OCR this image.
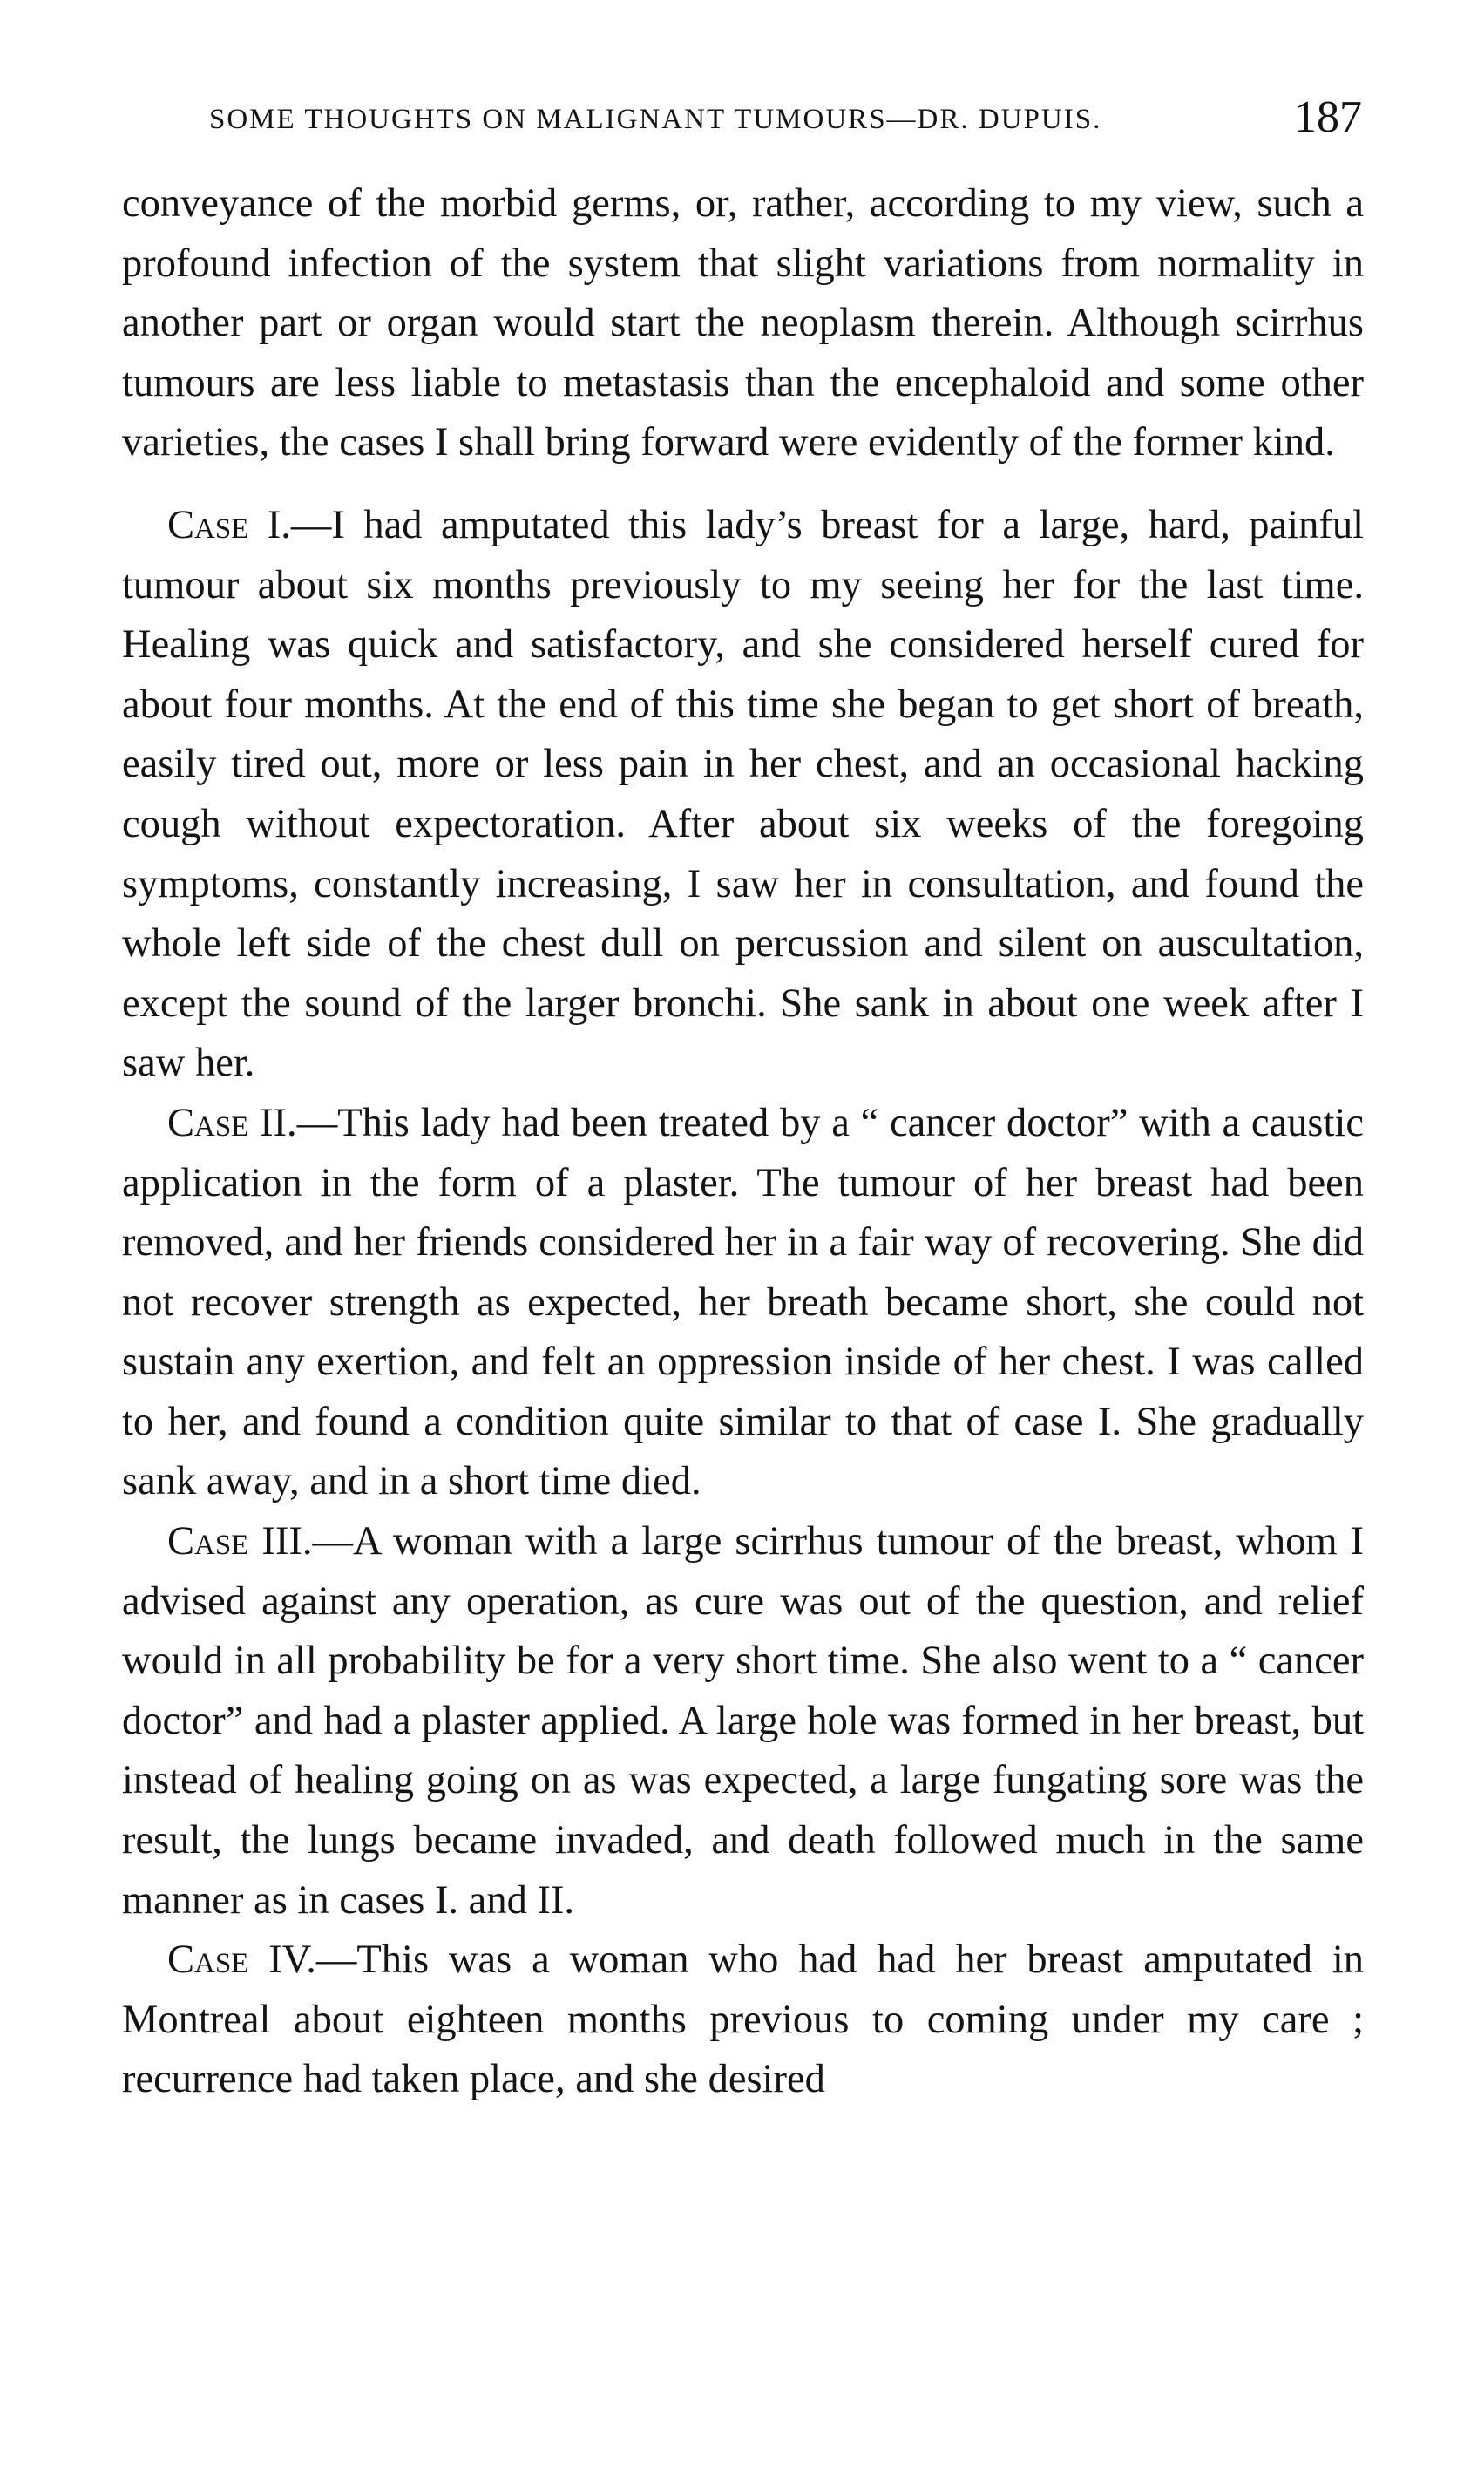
SOME THOUGHTS ON MALIGNANT TUMOURS—DR. DUPUIS.	187

conveyance of the morbid germs, or, rather, according to my view, such a profound infection of the system that slight variations from normality in another part or organ would start the neoplasm therein. Although scirrhus tumours are less liable to metastasis than the encephaloid and some other varieties, the cases I shall bring forward were evidently of the former kind.

Case I.—I had amputated this lady’s breast for a large, hard, painful tumour about six months previously to my seeing her for the last time. Healing was quick and satisfactory, and she considered herself cured for about four months. At the end of this time she began to get short of breath, easily tired out, more or less pain in her chest, and an occasional hacking cough without expectoration. After about six weeks of the foregoing symptoms, constantly increasing, I saw her in consultation, and found the whole left side of the chest dull on percussion and silent on auscultation, except the sound of the larger bronchi. She sank in about one week after I saw her.

Case II.—This lady had been treated by a “ cancer doctor” with a caustic application in the form of a plaster. The tumour of her breast had been removed, and her friends considered her in a fair way of recovering. She did not recover strength as expected, her breath became short, she could not sustain any exertion, and felt an oppression inside of her chest. I was called to her, and found a condition quite similar to that of case I. She gradually sank away, and in a short time died.

Case III.—A woman with a large scirrhus tumour of the breast, whom I advised against any operation, as cure was out of the question, and relief would in all probability be for a very short time. She also went to a “ cancer doctor” and had a plaster applied. A large hole was formed in her breast, but instead of healing going on as was expected, a large fungating sore was the result, the lungs became invaded, and death followed much in the same manner as in cases I. and II.

Case IV.—This was a woman who had had her breast amputated in Montreal about eighteen months previous to coming under my care ; recurrence had taken place, and she desired
